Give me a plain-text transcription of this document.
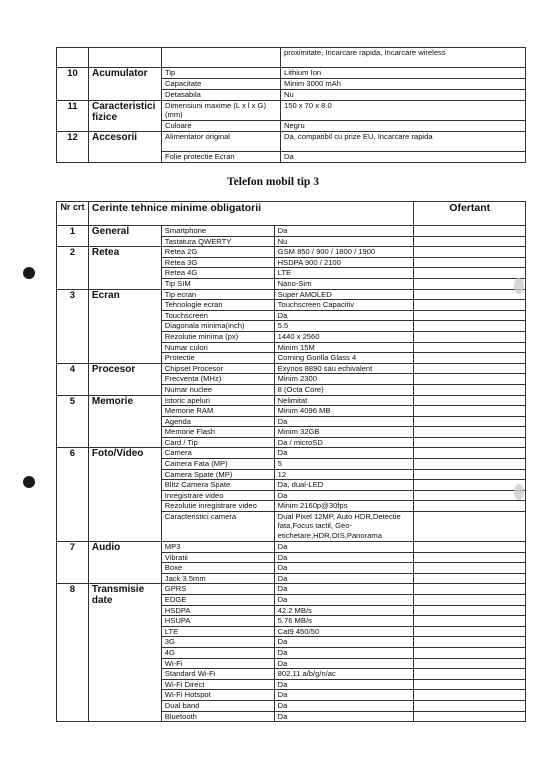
			proximitate, Incarcare rapida, Incarcare wireless
10	Acumulator	Tip	Lithium Ion
		Capacitate	Minim 3000 mAh
		Detasabila	Nu
11	Caracteristici fizice	Dimensiuni maxime (L x l x G) (mm)	150 x 70 x 8.0
		Culoare	Negru
12	Accesorii	Alimentator original	Da, compatibil cu prize EU, Incarcare rapida
		Folie protectie Ecran	Da
Telefon mobil tip 3
Nr crt	Cerinte tehnice minime obligatorii			Ofertant
1	General	Smartphone	Da	
		Tastatura QWERTY	Nu	
2	Retea	Retea 2G	GSM 850 / 900 / 1800 / 1900	
		Retea 3G	HSDPA 900 / 2100	
		Retea 4G	LTE	
		Tip SIM	Nano-Sim	
3	Ecran	Tip ecran	Super AMOLED	
		Tehnologie ecran	Touchscreen Capacitiv	
		Touchscreen	Da	
		Diagonala minima(inch)	5.5	
		Rezolutie minima (px)	1440 x 2560	
		Numar culori	Minim 15M	
		Protectie	Corning Gorilla Glass 4	
4	Procesor	Chipset Procesor	Exynos 8890 sau echivalent	
		Frecventa (MHz)	Minim 2300	
		Numar nuclee	8 (Octa Core)	
5	Memorie	Istoric apeluri	Nelimitat	
		Memorie RAM	Minim 4096 MB	
		Agenda	Da	
		Memorie Flash	Minim 32GB	
		Card / Tip	Da / microSD	
6	Foto/Video	Camera	Da	
		Camera Fata (MP)	5	
		Camera Spate (MP)	12	
		Blitz Camera Spate	Da, dual-LED	
		Inregistrare video	Da	
		Rezolutie inregistrare video	Minim 2160p@30fps	
		Caracteristici camera	Dual Pixel 12MP, Auto HDR,Detectie fata,Focus tactil, Geo-etichetare,HDR,OIS,Panorama	
7	Audio	MP3	Da	
		Vibratii	Da	
		Boxe	Da	
		Jack 3.5mm	Da	
8	Transmisie date	GPRS	Da	
		EDGE	Da	
		HSDPA	42.2 MB/s	
		HSUPA	5.76 MB/s	
		LTE	Cat9 450/50	
		3G	Da	
		4G	Da	
		Wi-Fi	Da	
		Standard Wi-Fi	802.11 a/b/g/n/ac	
		Wi-Fi Direct	Da	
		Wi-Fi Hotspot	Da	
		Dual band	Da	
		Bluetooth	Da	
